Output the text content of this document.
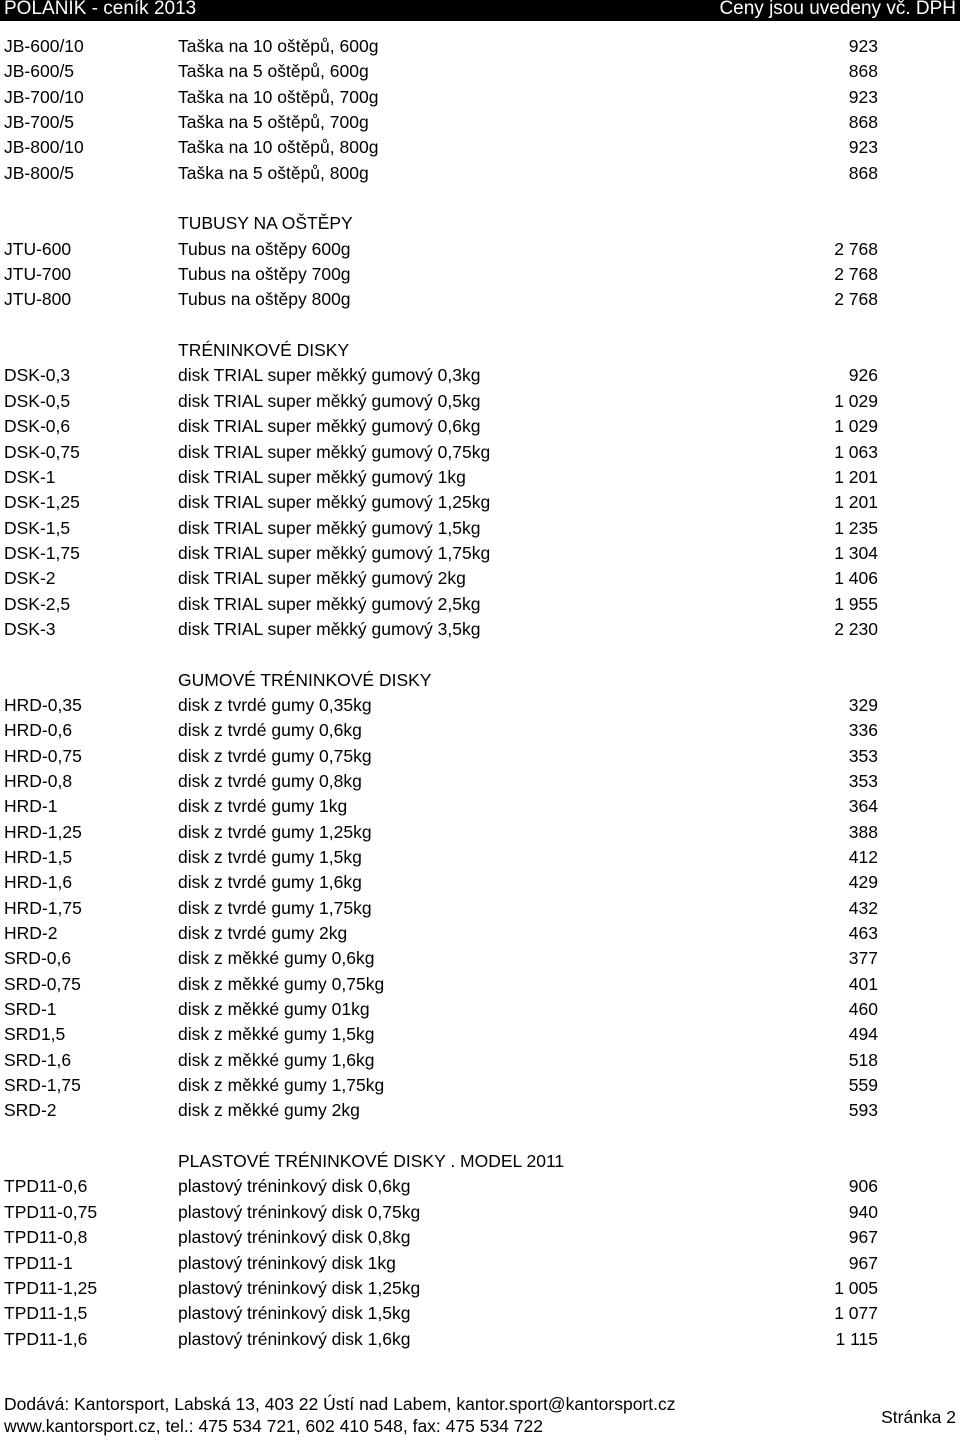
POLANIK - ceník 2013	Ceny jsou uvedeny vč. DPH
JB-600/10	Taška na 10 oštěpů, 600g	923
JB-600/5	Taška na 5 oštěpů, 600g	868
JB-700/10	Taška na 10 oštěpů, 700g	923
JB-700/5	Taška na 5 oštěpů, 700g	868
JB-800/10	Taška na 10 oštěpů, 800g	923
JB-800/5	Taška na 5 oštěpů, 800g	868
TUBUSY NA OŠTĚPY
JTU-600	Tubus na oštěpy 600g	2 768
JTU-700	Tubus na oštěpy 700g	2 768
JTU-800	Tubus na oštěpy 800g	2 768
TRÉNINKOVÉ DISKY
DSK-0,3	disk TRIAL super měkký gumový 0,3kg	926
DSK-0,5	disk TRIAL super měkký gumový 0,5kg	1 029
DSK-0,6	disk TRIAL super měkký gumový 0,6kg	1 029
DSK-0,75	disk TRIAL super měkký gumový 0,75kg	1 063
DSK-1	disk TRIAL super měkký gumový 1kg	1 201
DSK-1,25	disk TRIAL super měkký gumový 1,25kg	1 201
DSK-1,5	disk TRIAL super měkký gumový 1,5kg	1 235
DSK-1,75	disk TRIAL super měkký gumový 1,75kg	1 304
DSK-2	disk TRIAL super měkký gumový 2kg	1 406
DSK-2,5	disk TRIAL super měkký gumový 2,5kg	1 955
DSK-3	disk TRIAL super měkký gumový 3,5kg	2 230
GUMOVÉ TRÉNINKOVÉ DISKY
HRD-0,35	disk z tvrdé gumy 0,35kg	329
HRD-0,6	disk z tvrdé gumy 0,6kg	336
HRD-0,75	disk z tvrdé gumy 0,75kg	353
HRD-0,8	disk z tvrdé gumy 0,8kg	353
HRD-1	disk z tvrdé gumy 1kg	364
HRD-1,25	disk z tvrdé gumy 1,25kg	388
HRD-1,5	disk z tvrdé gumy 1,5kg	412
HRD-1,6	disk z tvrdé gumy 1,6kg	429
HRD-1,75	disk z tvrdé gumy 1,75kg	432
HRD-2	disk z tvrdé gumy 2kg	463
SRD-0,6	disk z měkké gumy 0,6kg	377
SRD-0,75	disk z měkké gumy 0,75kg	401
SRD-1	disk z měkké gumy 01kg	460
SRD1,5	disk z měkké gumy 1,5kg	494
SRD-1,6	disk z měkké gumy 1,6kg	518
SRD-1,75	disk z měkké gumy 1,75kg	559
SRD-2	disk z měkké gumy 2kg	593
PLASTOVÉ TRÉNINKOVÉ DISKY . MODEL 2011
TPD11-0,6	plastový tréninkový disk 0,6kg	906
TPD11-0,75	plastový tréninkový disk 0,75kg	940
TPD11-0,8	plastový tréninkový disk 0,8kg	967
TPD11-1	plastový tréninkový disk 1kg	967
TPD11-1,25	plastový tréninkový disk 1,25kg	1 005
TPD11-1,5	plastový tréninkový disk 1,5kg	1 077
TPD11-1,6	plastový tréninkový disk 1,6kg	1 115
Dodává: Kantorsport, Labská 13, 403 22 Ústí nad Labem, kantor.sport@kantorsport.cz
www.kantorsport.cz, tel.: 475 534 721, 602 410 548, fax: 475 534 722	Stránka 2
